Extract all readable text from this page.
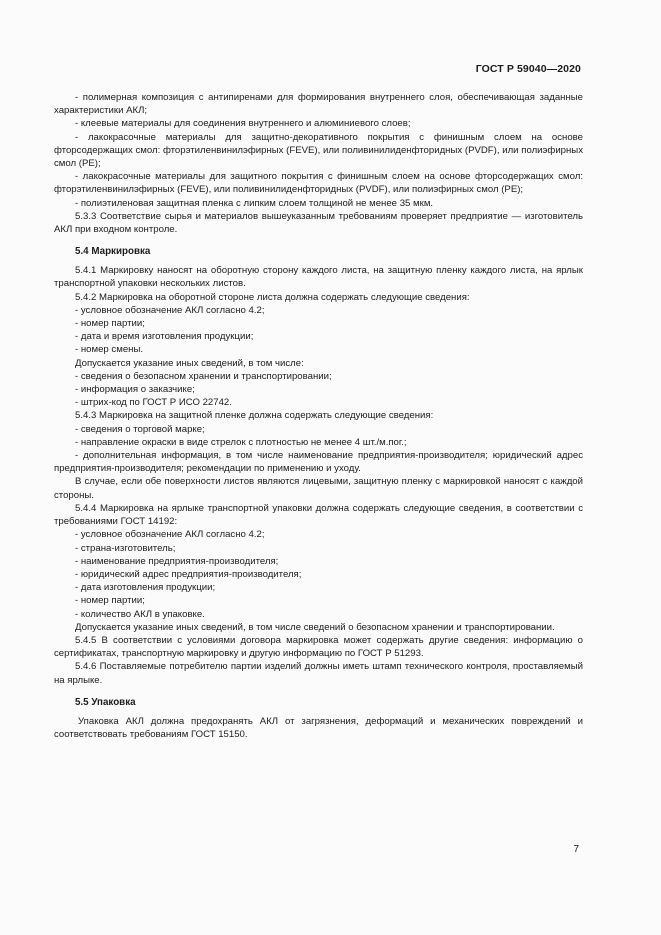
ГОСТ Р 59040—2020

- полимерная композиция с антипиренами для формирования внутреннего слоя, обеспечивающая заданные характеристики АКЛ;

- клеевые материалы для соединения внутреннего и алюминиевого слоев;

- лакокрасочные материалы для защитно-декоративного покрытия с финишным слоем на основе фторсодержащих смол: фторэтиленвинилэфирных (FEVE), или поливинилиденфторидных (PVDF), или полиэфирных смол (PE);

- лакокрасочные материалы для защитного покрытия с финишным слоем на основе фторсодержащих смол: фторэтиленвинилэфирных (FEVE), или поливинилиденфторидных (PVDF), или полиэфирных смол (PE);

- полиэтиленовая защитная пленка с липким слоем толщиной не менее 35 мкм.

5.3.3 Соответствие сырья и материалов вышеуказанным требованиям проверяет предприятие — изготовитель АКЛ при входном контроле.

5.4 Маркировка

5.4.1 Маркировку наносят на оборотную сторону каждого листа, на защитную пленку каждого листа, на ярлык транспортной упаковки нескольких листов.

5.4.2 Маркировка на оборотной стороне листа должна содержать следующие сведения:

- условное обозначение АКЛ согласно 4.2;

- номер партии;

- дата и время изготовления продукции;

- номер смены.

Допускается указание иных сведений, в том числе:

- сведения о безопасном хранении и транспортировании;

- информация о заказчике;

- штрих-код по ГОСТ Р ИСО 22742.

5.4.3 Маркировка на защитной пленке должна содержать следующие сведения:

- сведения о торговой марке;

- направление окраски в виде стрелок с плотностью не менее 4 шт./м.пог.;

- дополнительная информация, в том числе наименование предприятия-производителя; юридический адрес предприятия-производителя; рекомендации по применению и уходу.

В случае, если обе поверхности листов являются лицевыми, защитную пленку с маркировкой наносят с каждой стороны.

5.4.4 Маркировка на ярлыке транспортной упаковки должна содержать следующие сведения, в соответствии с требованиями ГОСТ 14192:

- условное обозначение АКЛ согласно 4.2;

- страна-изготовитель;

- наименование предприятия-производителя;

- юридический адрес предприятия-производителя;

- дата изготовления продукции;

- номер партии;

- количество АКЛ в упаковке.

Допускается указание иных сведений, в том числе сведений о безопасном хранении и транспортировании.

5.4.5 В соответствии с условиями договора маркировка может содержать другие сведения: информацию о сертификатах, транспортную маркировку и другую информацию по ГОСТ Р 51293.

5.4.6 Поставляемые потребителю партии изделий должны иметь штамп технического контроля, проставляемый на ярлыке.

5.5 Упаковка

Упаковка АКЛ должна предохранять АКЛ от загрязнения, деформаций и механических повреждений и соответствовать требованиям ГОСТ 15150.

7
